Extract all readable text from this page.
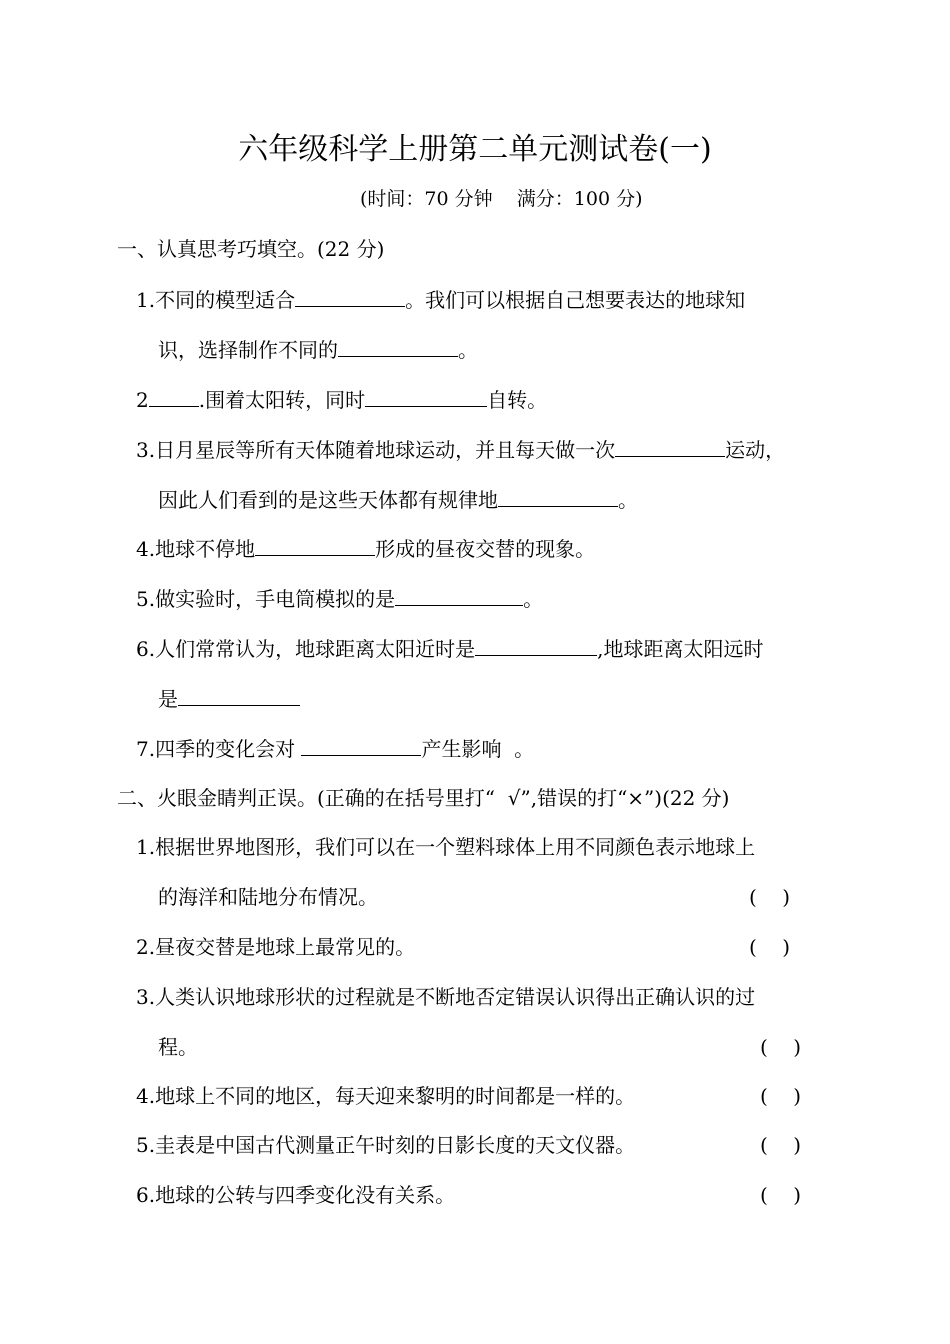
六年级科学上册第二单元测试卷(一)
(时间：70 分钟    满分：100 分)
一、认真思考巧填空。(22 分)
1.不同的模型适合	。我们可以根据自己想要表达的地球知
识，选择制作不同的	。
2	.围着太阳转，同时	自转。
3.日月星辰等所有天体随着地球运动，并且每天做一次	运动，
因此人们看到的是这些天体都有规律地	。
4.地球不停地	形成的昼夜交替的现象。
5.做实验时，手电筒模拟的是	。
6.人们常常认为，地球距离太阳近时是	,地球距离太阳远时
是
7.四季的变化会对	产生影响  。
二、火眼金睛判正误。(正确的在括号里打“  √”,错误的打“×”)(22 分)
1.根据世界地图形，我们可以在一个塑料球体上用不同颜色表示地球上
的海洋和陆地分布情况。	(    )
2.昼夜交替是地球上最常见的。	(    )
3.人类认识地球形状的过程就是不断地否定错误认识得出正确认识的过
程。	(    )
4.地球上不同的地区，每天迎来黎明的时间都是一样的。	(    )
5.圭表是中国古代测量正午时刻的日影长度的天文仪器。	(    )
6.地球的公转与四季变化没有关系。	(    )
